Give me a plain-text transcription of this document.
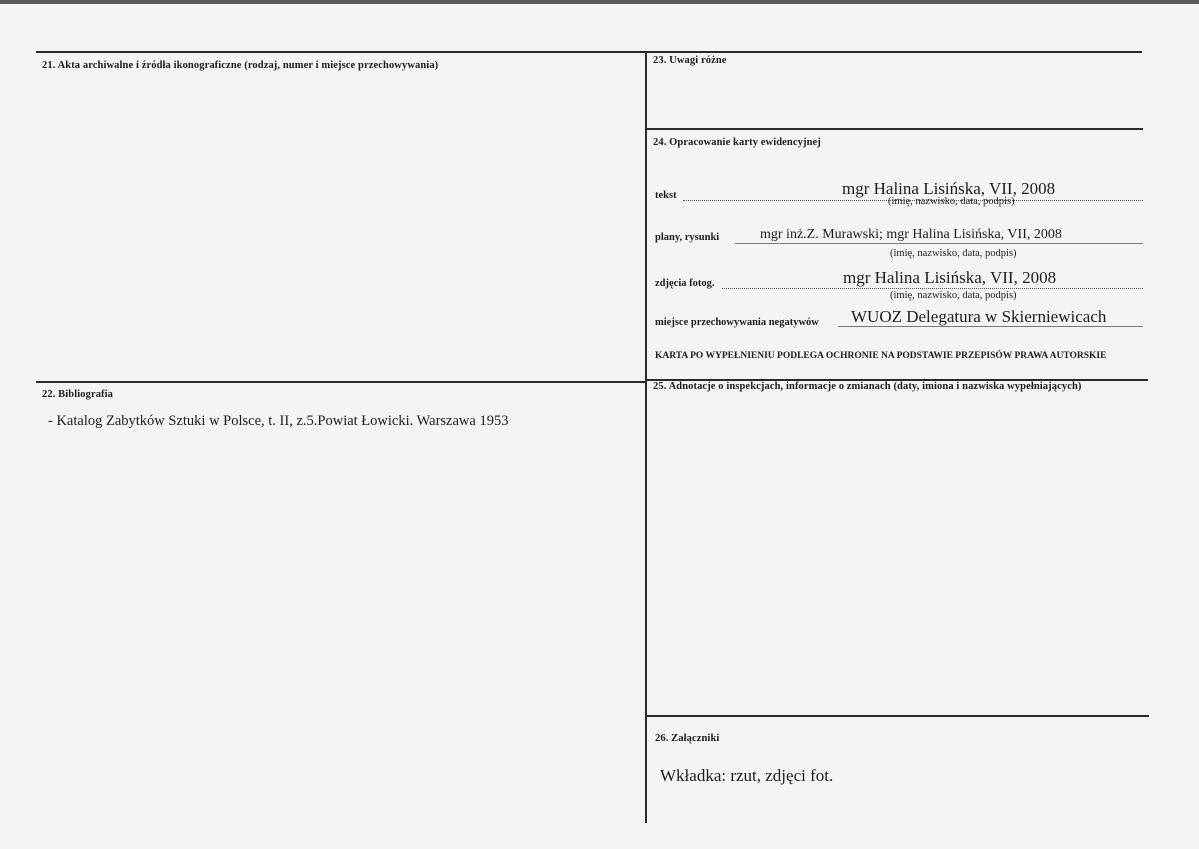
21. Akta archiwalne i źródła ikonograficzne (rodzaj, numer i miejsce przechowywania)
22. Bibliografia
- Katalog Zabytków Sztuki w Polsce, t. II, z.5.Powiat Łowicki. Warszawa 1953
23. Uwagi różne
24. Opracowanie karty ewidencyjnej
tekst	mgr Halina Lisińska, VII, 2008
(imię, nazwisko, data, podpis)
plany, rysunki	mgr inż.Z. Murawski; mgr Halina Lisińska, VII, 2008
(imię, nazwisko, data, podpis)
zdjęcia fotog.	mgr Halina Lisińska, VII, 2008
(imię, nazwisko, data, podpis)
miejsce przechowywania negatywów WUOZ Delegatura w Skierniewicach
KARTA PO WYPEŁNIENIU PODLEGA OCHRONIE NA PODSTAWIE PRZEPISÓW PRAWA AUTORSKIE
25. Adnotacje o inspekcjach, informacje o zmianach (daty, imiona i nazwiska wypełniających)
26. Załączniki
Wkładka: rzut, zdjęci fot.
